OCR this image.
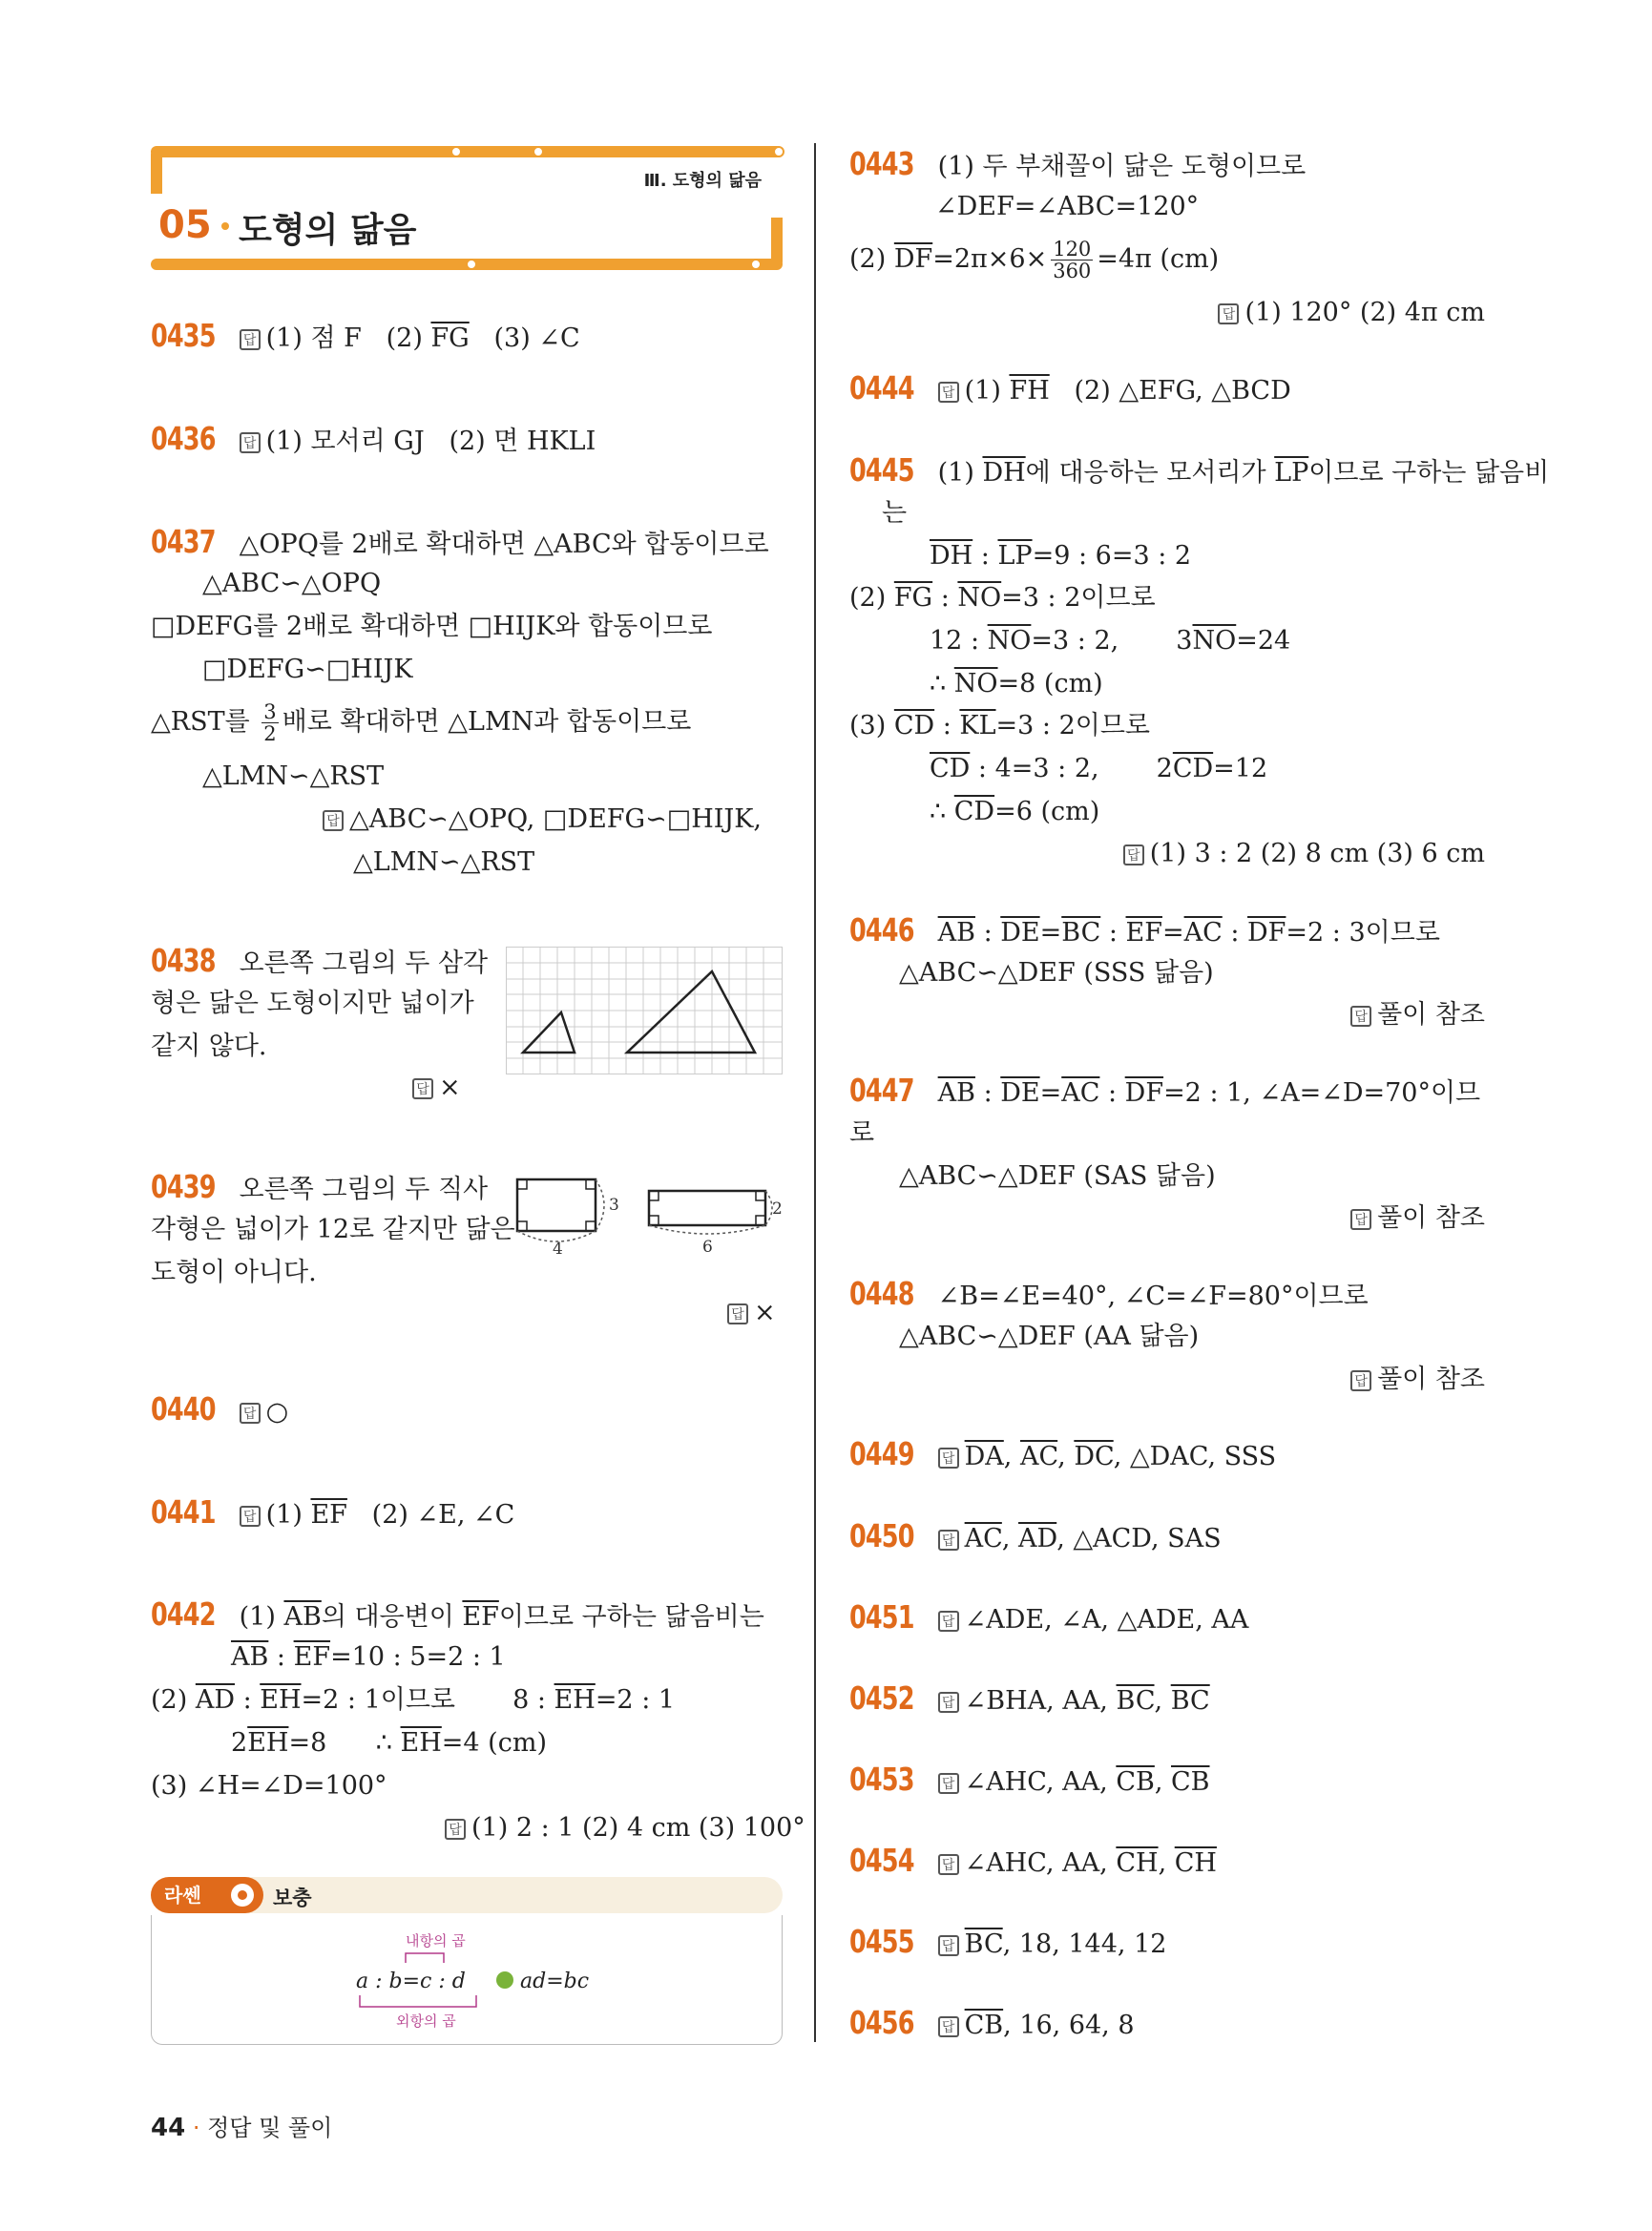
Ⅲ. 도형의 닮음
05 도형의 닮음
0435 답 (1) 점 F (2) $\overline{FG}$ (3) ∠C
0436 답 (1) 모서리 GJ (2) 면 HKLI
0437 △OPQ를 2배로 확대하면 △ABC와 합동이므로
△ABC∽△OPQ
□DEFG를 2배로 확대하면 □HIJK와 합동이므로
□DEFG∽□HIJK
△RST를 $\frac{3}{2}$ 배로 확대하면 △LMN과 합동이므로
△LMN∽△RST
답 △ABC∽△OPQ, □DEFG∽□HIJK,
△LMN∽△RST
0438 오른쪽 그림의 두 삼각
형은 닮은 도형이지만 넓이가
같지 않다.
답 ×
0439 오른쪽 그림의 두 직사
각형은 넓이가 12로 같지만 닮은
도형이 아니다.
3
4
2
6
답 ×
0440 답 ○
0441 답 (1) $\overline{EF}$ (2) ∠E, ∠C
0442 (1) $\overline{AB}$의 대응변이 $\overline{EF}$이므로 구하는 닮음비는
$\overline{AB}$ : $\overline{EF}=10$ : 5=2 : 1
(2) $\overline{AD}$ : $\overline{EH}=2$ : 1이므로 8 : $\overline{EH}=2$ : 1
$2\overline{EH}=8$ ∴ $\overline{EH}=4$ (cm)
(3) ∠H=∠D=100°
답 (1) 2 : 1 (2) 4 cm (3) 100°
라쎈	보충
내항의 곱
a : b=c : d	ad=bc
외항의 곱
0443 (1) 두 부채꼴이 닮은 도형이므로
∠DEF=∠ABC=120°
(2) $\overline{DF}=2\pi\times 6\times \frac{120}{360} =4\pi$ (cm)
답 (1) 120° (2) 4π cm
0444 답 (1) $\overline{FH}$ (2) △EFG, △BCD
0445 (1) $\overline{DH}$에 대응하는 모서리가 $\overline{LP}$이므로 구하는 닮음비
는
$\overline{DH}$ : $\overline{LP}=9$ : 6=3 : 2
(2) $\overline{FG}$ : $\overline{NO}=3$ : 2이므로
12 : $\overline{NO}=3$ : 2, $3\overline{NO}=24$
∴ $\overline{NO}=8$ (cm)
(3) $\overline{CD}$ : $\overline{KL}=3$ : 2이므로
$\overline{CD}$ : 4=3 : 2, $2\overline{CD}=12$
∴ $\overline{CD}=6$ (cm)
답 (1) 3 : 2 (2) 8 cm (3) 6 cm
0446 $\overline{AB}$ : $\overline{DE}=\overline{BC}$ : $\overline{EF}=\overline{AC}$ : $\overline{DF}=2$ : 3이므로
△ABC∽△DEF (SSS 닮음)
답 풀이 참조
0447 $\overline{AB}$ : $\overline{DE}=\overline{AC}$ : $\overline{DF}=2$ : 1, ∠A=∠D=70°이므
로
△ABC∽△DEF (SAS 닮음)
답 풀이 참조
0448 ∠B=∠E=40°, ∠C=∠F=80°이므로
△ABC∽△DEF (AA 닮음)
답 풀이 참조
0449 답 $\overline{DA}$, $\overline{AC}$, $\overline{DC}$, △DAC, SSS
0450 답 $\overline{AC}$, $\overline{AD}$, △ACD, SAS
0451 답 ∠ADE, ∠A, △ADE, AA
0452 답 ∠BHA, AA, $\overline{BC}$, $\overline{BC}$
0453 답 ∠AHC, AA, $\overline{CB}$, $\overline{CB}$
0454 답 ∠AHC, AA, $\overline{CH}$, $\overline{CH}$
0455 답 $\overline{BC}$, 18, 144, 12
0456 답 $\overline{CB}$, 16, 64, 8
44 · 정답 및 풀이
